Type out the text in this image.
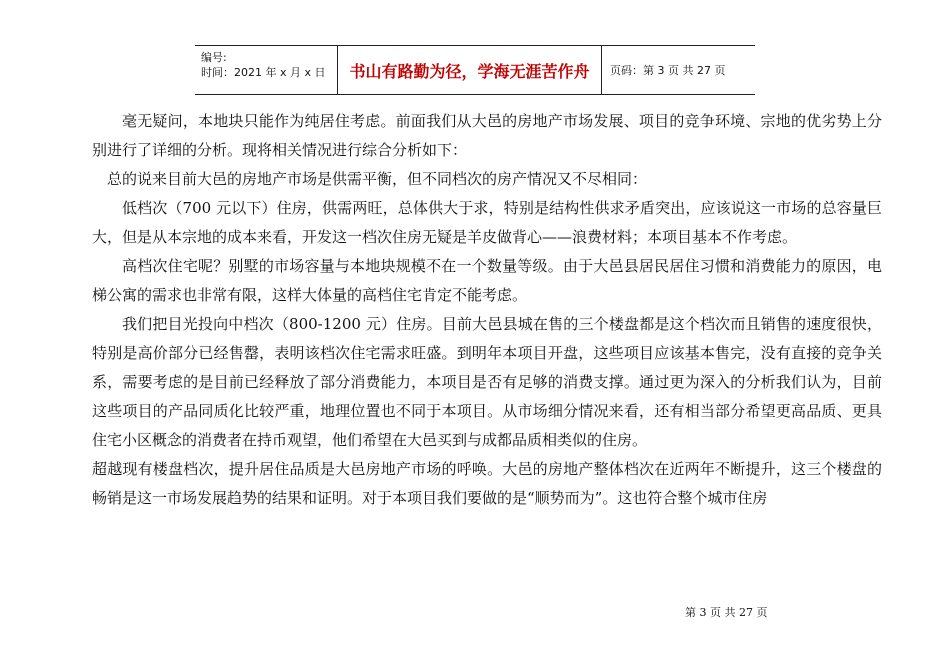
编号:
时间：2021 年 x 月 x 日	书山有路勤为径，学海无涯苦作舟	页码：第 3 页 共 27 页

毫无疑问，本地块只能作为纯居住考虑。前面我们从大邑的房地产市场发展、项目的竞争环境、宗地的优劣势上分别进行了详细的分析。现将相关情况进行综合分析如下：

总的说来目前大邑的房地产市场是供需平衡，但不同档次的房产情况又不尽相同：

低档次（700 元以下）住房，供需两旺，总体供大于求，特别是结构性供求矛盾突出，应该说这一市场的总容量巨大，但是从本宗地的成本来看，开发这一档次住房无疑是羊皮做背心——浪费材料；本项目基本不作考虑。

高档次住宅呢？别墅的市场容量与本地块规模不在一个数量等级。由于大邑县居民居住习惯和消费能力的原因，电梯公寓的需求也非常有限，这样大体量的高档住宅肯定不能考虑。

我们把目光投向中档次（800-1200 元）住房。目前大邑县城在售的三个楼盘都是这个档次而且销售的速度很快，特别是高价部分已经售罄，表明该档次住宅需求旺盛。到明年本项目开盘，这些项目应该基本售完，没有直接的竞争关系，需要考虑的是目前已经释放了部分消费能力，本项目是否有足够的消费支撑。通过更为深入的分析我们认为，目前这些项目的产品同质化比较严重，地理位置也不同于本项目。从市场细分情况来看，还有相当部分希望更高品质、更具住宅小区概念的消费者在持币观望，他们希望在大邑买到与成都品质相类似的住房。

超越现有楼盘档次，提升居住品质是大邑房地产市场的呼唤。大邑的房地产整体档次在近两年不断提升，这三个楼盘的畅销是这一市场发展趋势的结果和证明。对于本项目我们要做的是“顺势而为”。这也符合整个城市住房

第 3 页 共 27 页
